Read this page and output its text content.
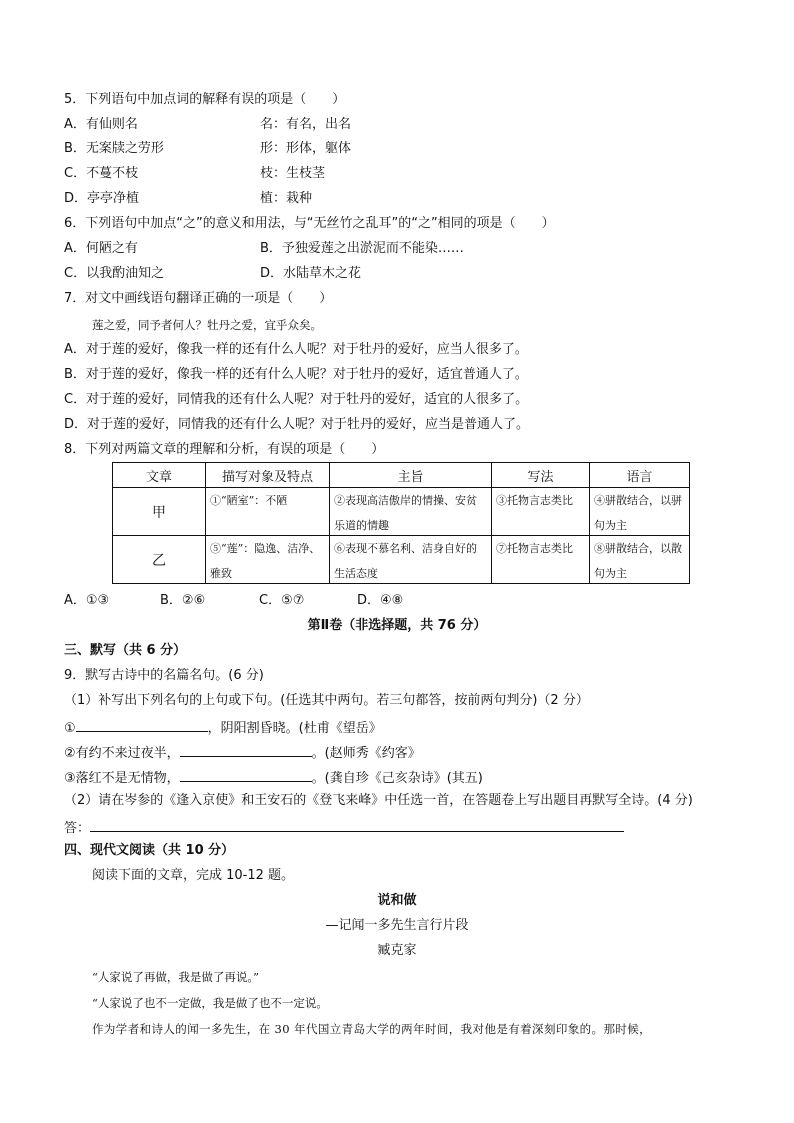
5．下列语句中加点词的解释有误的项是（　　）
A．有仙则名	名：有名，出名
B．无案牍之劳形	形：形体，躯体
C．不蔓不枝	枝：生枝茎
D．亭亭净植	植：栽种
6．下列语句中加点“之”的意义和用法，与“无丝竹之乱耳”的“之”相同的项是（　　）
A．何陋之有	B．予独爱莲之出淤泥而不能染……
C．以我酌油知之	D．水陆草木之花
7．对文中画线语句翻译正确的一项是（　　）
莲之爱，同予者何人？牡丹之爱，宜乎众矣。
A．对于莲的爱好，像我一样的还有什么人呢？对于牡丹的爱好，应当人很多了。
B．对于莲的爱好，像我一样的还有什么人呢？对于牡丹的爱好，适宜普通人了。
C．对于莲的爱好，同情我的还有什么人呢？对于牡丹的爱好，适宜的人很多了。
D．对于莲的爱好，同情我的还有什么人呢？对于牡丹的爱好，应当是普通人了。
8．下列对两篇文章的理解和分析，有误的项是（　　）
文章	描写对象及特点	主旨	写法	语言
甲	①“陋室”：不陋	②表现高洁傲岸的情操、安贫乐道的情趣	③托物言志类比	④骈散结合，以骈句为主

乙	⑤“莲”：隐逸、洁净、雅致	⑥表现不慕名利、洁身自好的生活态度	⑦托物言志类比	⑧骈散结合，以散句为主
A．①③	B．②⑥	C．⑤⑦	D．④⑧
第Ⅱ卷（非选择题，共 76 分）
三、默写（共 6 分）
9．默写古诗中的名篇名句。(6 分)
（1）补写出下列名句的上句或下句。(任选其中两句。若三句都答，按前两句判分)（2 分）
①	，阴阳割昏晓。(杜甫《望岳》
②有约不来过夜半，	。(赵师秀《约客》
③落红不是无情物，	。(龚自珍《己亥杂诗》(其五)
（2）请在岑参的《逢入京使》和王安石的《登飞来峰》中任选一首，在答题卷上写出题目再默写全诗。(4 分)
答：
四、现代文阅读（共 10 分）
阅读下面的文章，完成 10-12 题。
说和做
—记闻一多先生言行片段
臧克家
“人家说了再做，我是做了再说。”
“人家说了也不一定做，我是做了也不一定说。
作为学者和诗人的闻一多先生，在 30 年代国立青岛大学的两年时间，我对他是有着深刻印象的。那时候，
